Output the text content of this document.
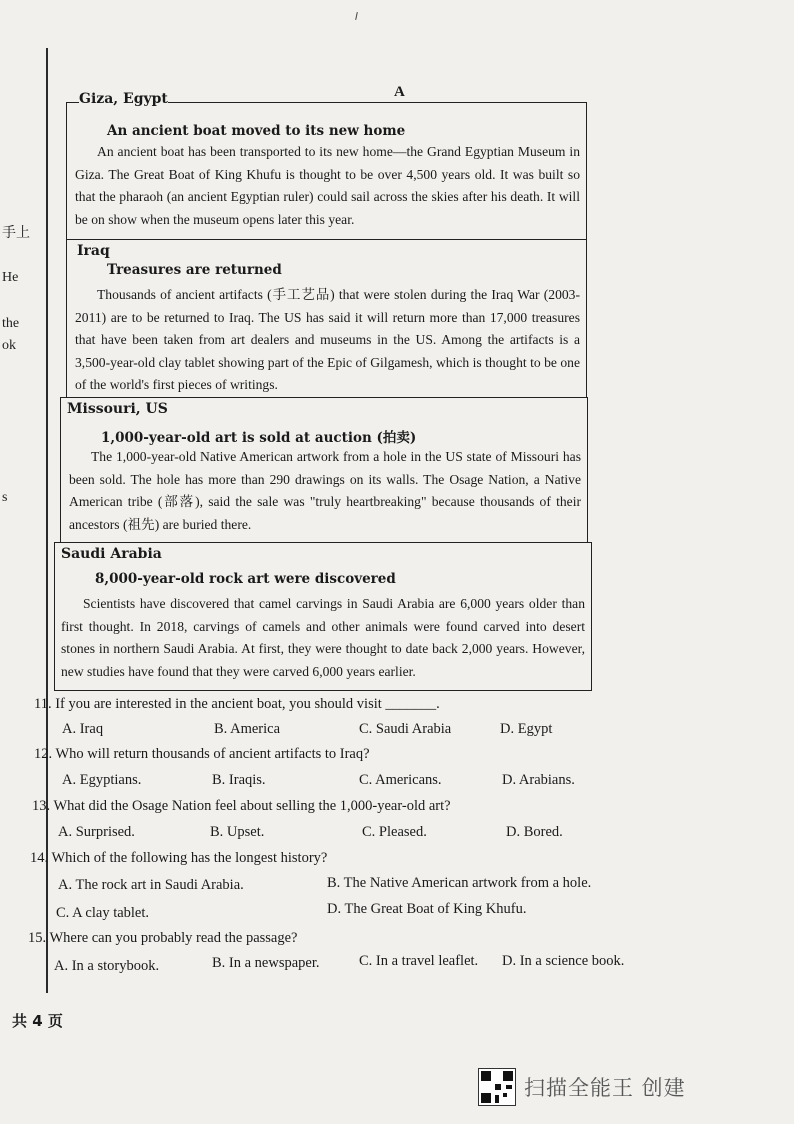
手上
He
the
ok
s
A
Giza, Egypt
An ancient boat moved to its new home
An ancient boat has been transported to its new home—the Grand Egyptian Museum in Giza. The Great Boat of King Khufu is thought to be over 4,500 years old. It was built so that the pharaoh (an ancient Egyptian ruler) could sail across the skies after his death. It will be on show when the museum opens later this year.
Iraq
Treasures are returned
Thousands of ancient artifacts (手工艺品) that were stolen during the Iraq War (2003-2011) are to be returned to Iraq. The US has said it will return more than 17,000 treasures that have been taken from art dealers and museums in the US. Among the artifacts is a 3,500-year-old clay tablet showing part of the Epic of Gilgamesh, which is thought to be one of the world's first pieces of writings.
Missouri, US
1,000-year-old art is sold at auction (拍卖)
The 1,000-year-old Native American artwork from a hole in the US state of Missouri has been sold. The hole has more than 290 drawings on its walls. The Osage Nation, a Native American tribe (部落), said the sale was "truly heartbreaking" because thousands of their ancestors (祖先) are buried there.
Saudi Arabia
8,000-year-old rock art were discovered
Scientists have discovered that camel carvings in Saudi Arabia are 6,000 years older than first thought. In 2018, carvings of camels and other animals were found carved into desert stones in northern Saudi Arabia. At first, they were thought to date back 2,000 years. However, new studies have found that they were carved 6,000 years earlier.
11. If you are interested in the ancient boat, you should visit _______.
A. Iraq	B. America	C. Saudi Arabia	D. Egypt
12. Who will return thousands of ancient artifacts to Iraq?
A. Egyptians.	B. Iraqis.	C. Americans.	D. Arabians.
13. What did the Osage Nation feel about selling the 1,000-year-old art?
A. Surprised.	B. Upset.	C. Pleased.	D. Bored.
14. Which of the following has the longest history?
A. The rock art in Saudi Arabia.	B. The Native American artwork from a hole.
C. A clay tablet.	D. The Great Boat of King Khufu.
15. Where can you probably read the passage?
A. In a storybook.	B. In a newspaper.	C. In a travel leaflet. D. In a science book.
共 4 页
扫描全能王 创建
